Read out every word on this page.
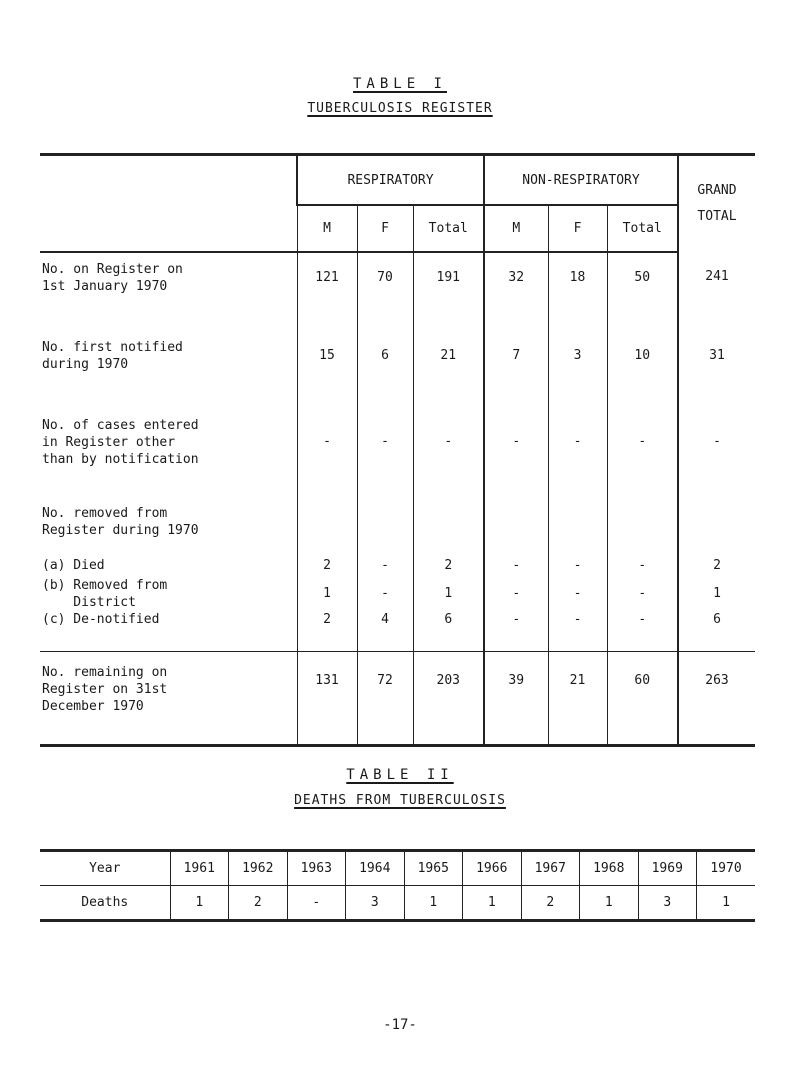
TABLE I
TUBERCULOSIS REGISTER
	RESPIRATORY			NON-RESPIRATORY			GRAND TOTAL
	M	F	Total	M	F	Total	

No. on Register on
1st January 1970	121	70	191	32	18	50	241

No. first notified
during 1970	15	6	21	7	3	10	31

No. of cases entered
in Register other
than by notification	-	-	-	-	-	-	-

No. removed from
Register during 1970							

(a) Died	2	-	2	-	-	-	2

(b) Removed from
District	1	-	1	-	-	-	1

(c) De-notified	2	4	6	-	-	-	6

No. remaining on
Register on 31st
December 1970	131	72	203	39	21	60	263
TABLE II
DEATHS FROM TUBERCULOSIS
Year	1961	1962	1963	1964	1965	1966	1967	1968	1969	1970
Deaths	1	2	-	3	1	1	2	1	3	1
-17-
